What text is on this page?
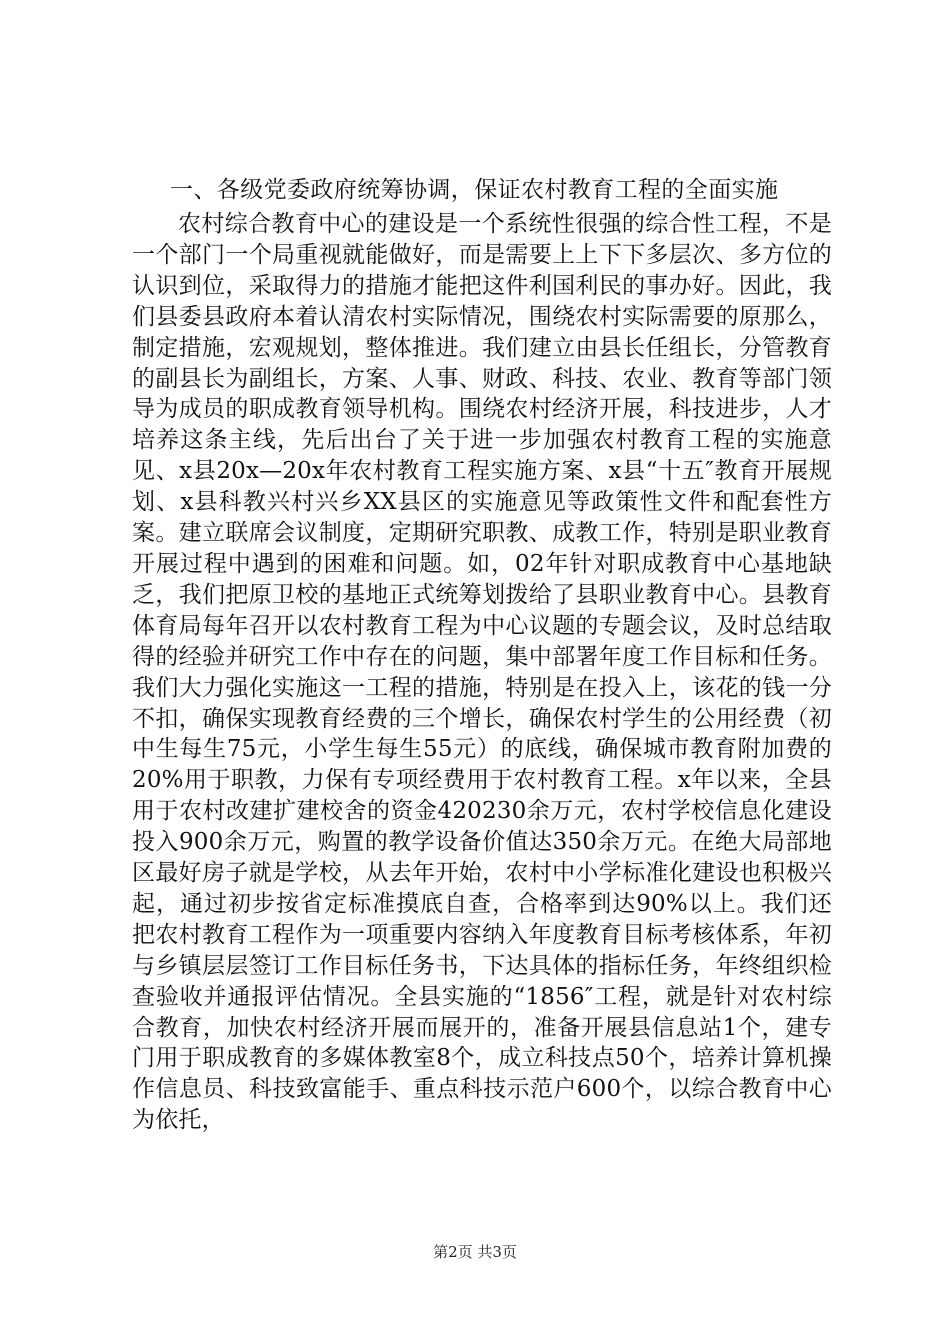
一、各级党委政府统筹协调，保证农村教育工程的全面实施

农村综合教育中心的建设是一个系统性很强的综合性工程，不是一个部门一个局重视就能做好，而是需要上上下下多层次、多方位的认识到位，采取得力的措施才能把这件利国利民的事办好。因此，我们县委县政府本着认清农村实际情况，围绕农村实际需要的原那么，制定措施，宏观规划，整体推进。我们建立由县长任组长，分管教育的副县长为副组长，方案、人事、财政、科技、农业、教育等部门领导为成员的职成教育领导机构。围绕农村经济开展，科技进步，人才培养这条主线，先后出台了关于进一步加强农村教育工程的实施意见、x县20x—20x年农村教育工程实施方案、x县“十五″教育开展规划、x县科教兴村兴乡XX县区的实施意见等政策性文件和配套性方案。建立联席会议制度，定期研究职教、成教工作，特别是职业教育开展过程中遇到的困难和问题。如，02年针对职成教育中心基地缺乏，我们把原卫校的基地正式统筹划拨给了县职业教育中心。县教育体育局每年召开以农村教育工程为中心议题的专题会议，及时总结取得的经验并研究工作中存在的问题，集中部署年度工作目标和任务。我们大力强化实施这一工程的措施，特别是在投入上，该花的钱一分不扣，确保实现教育经费的三个增长，确保农村学生的公用经费（初中生每生75元，小学生每生55元）的底线，确保城市教育附加费的20%用于职教，力保有专项经费用于农村教育工程。x年以来，全县用于农村改建扩建校舍的资金420230余万元，农村学校信息化建设投入900余万元，购置的教学设备价值达350余万元。在绝大局部地区最好房子就是学校，从去年开始，农村中小学标准化建设也积极兴起，通过初步按省定标准摸底自查，合格率到达90%以上。我们还把农村教育工程作为一项重要内容纳入年度教育目标考核体系，年初与乡镇层层签订工作目标任务书，下达具体的指标任务，年终组织检查验收并通报评估情况。全县实施的“1856″工程，就是针对农村综合教育，加快农村经济开展而展开的，准备开展县信息站1个，建专门用于职成教育的多媒体教室8个，成立科技点50个，培养计算机操作信息员、科技致富能手、重点科技示范户600个，以综合教育中心为依托，

第2页 共3页
